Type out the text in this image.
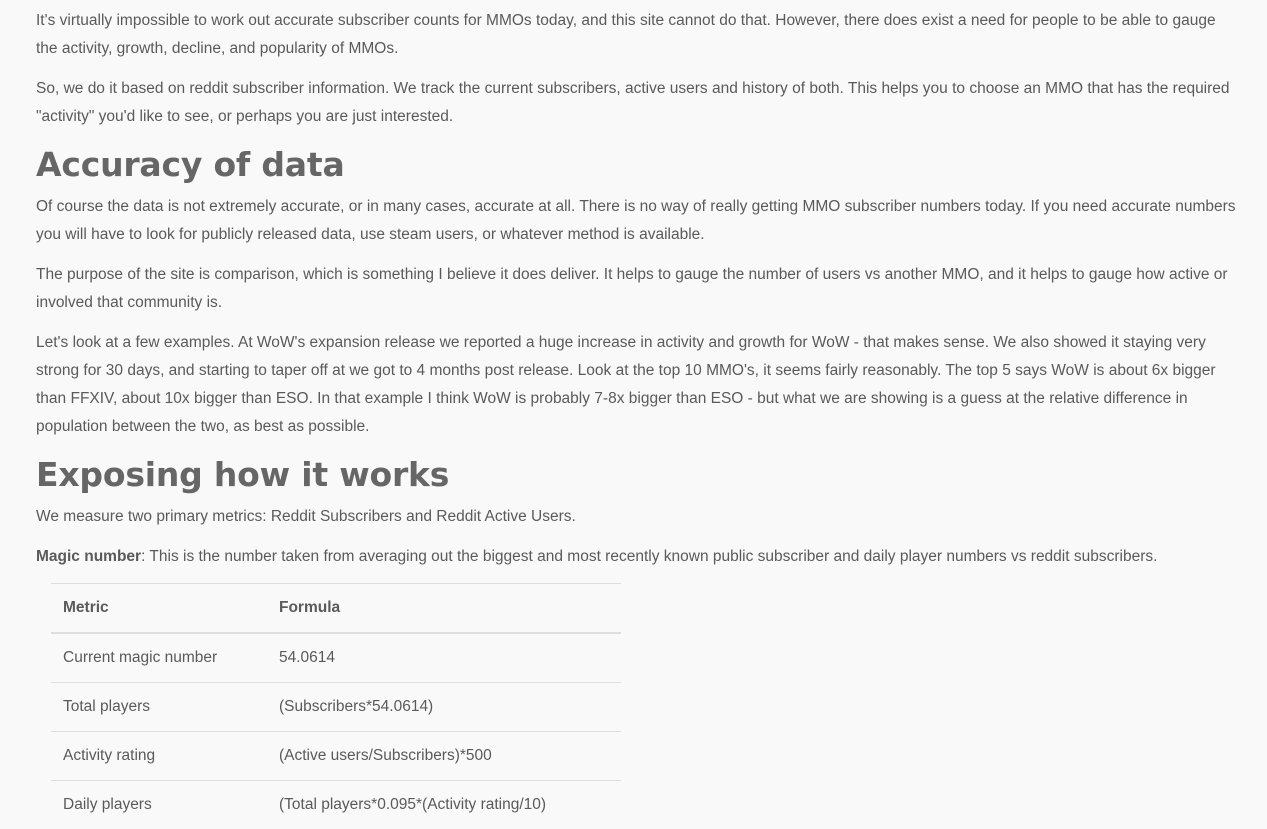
It's virtually impossible to work out accurate subscriber counts for MMOs today, and this site cannot do that. However, there does exist a need for people to be able to gauge the activity, growth, decline, and popularity of MMOs.

So, we do it based on reddit subscriber information. We track the current subscribers, active users and history of both. This helps you to choose an MMO that has the required "activity" you'd like to see, or perhaps you are just interested.

Accuracy of data

Of course the data is not extremely accurate, or in many cases, accurate at all. There is no way of really getting MMO subscriber numbers today. If you need accurate numbers you will have to look for publicly released data, use steam users, or whatever method is available.

The purpose of the site is comparison, which is something I believe it does deliver. It helps to gauge the number of users vs another MMO, and it helps to gauge how active or involved that community is.

Let's look at a few examples. At WoW's expansion release we reported a huge increase in activity and growth for WoW - that makes sense. We also showed it staying very strong for 30 days, and starting to taper off at we got to 4 months post release. Look at the top 10 MMO's, it seems fairly reasonably. The top 5 says WoW is about 6x bigger than FFXIV, about 10x bigger than ESO. In that example I think WoW is probably 7-8x bigger than ESO - but what we are showing is a guess at the relative difference in population between the two, as best as possible.

Exposing how it works

We measure two primary metrics: Reddit Subscribers and Reddit Active Users.

Magic number: This is the number taken from averaging out the biggest and most recently known public subscriber and daily player numbers vs reddit subscribers.

Metric	Formula
Current magic number	54.0614
Total players	(Subscribers*54.0614)
Activity rating	(Active users/Subscribers)*500
Daily players	(Total players*0.095*(Activity rating/10)
